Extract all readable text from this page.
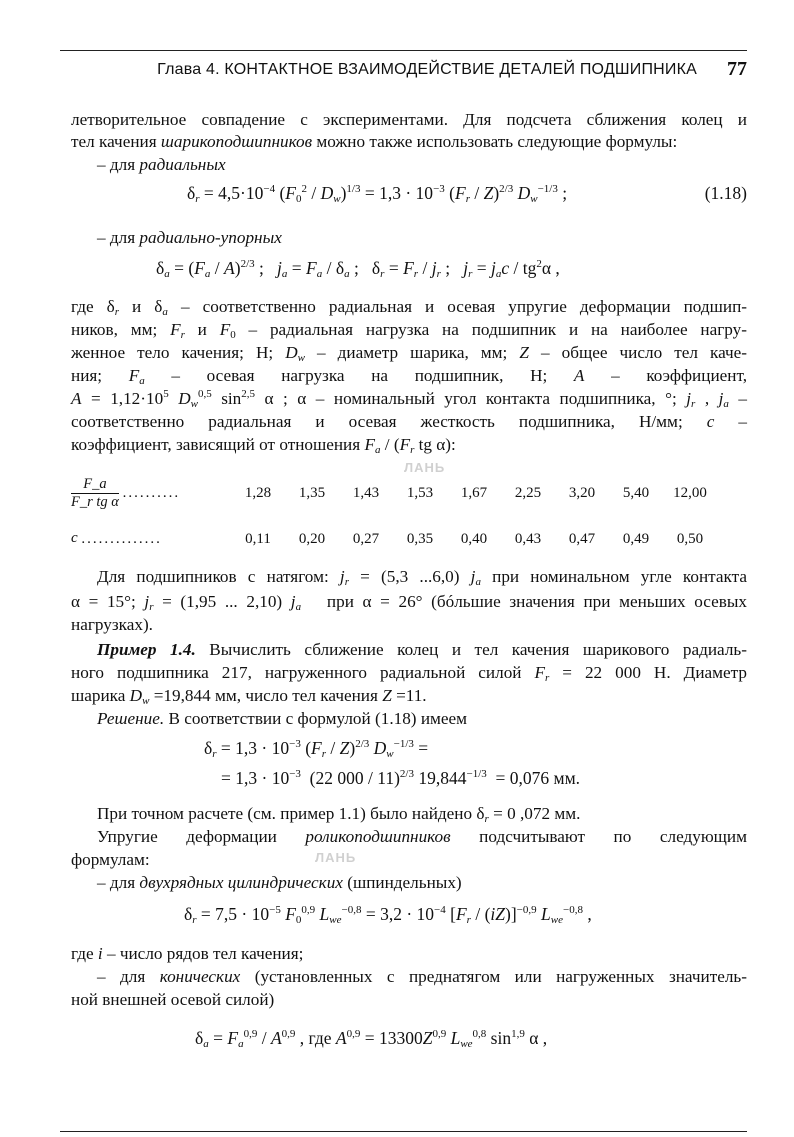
Глава 4. КОНТАКТНОЕ ВЗАИМОДЕЙСТВИЕ ДЕТАЛЕЙ ПОДШИПНИКА 77
летворительное совпадение с экспериментами. Для подсчета сближения колец и
тел качения шарикоподшипников можно также использовать следующие формулы:
– для радиальных
$\delta_r = 4,5\cdot 10^{-4}$ $(F_0^2 / D_w)^{1/3} = 1,3 \cdot 10^{-3}$ $(F_r / Z)^{2/3}$ $D_w^{-1/3}$ ;	(1.18)
– для радиально-упорных
$\delta_a = (F_a / A)^{2/3}$ ;   $j_a = F_a / \delta_a$ ;   $\delta_r = F_r / j_r$ ;   $j_r = j_ac / tg^2\alpha$ ,
где $\delta_r$ и $\delta_a$ – соответственно радиальная и осевая упругие деформации подшип-
ников, мм; $F_r$ и $F_0$ – радиальная нагрузка на подшипник и на наиболее нагру-
женное тело качения; Н; $D_w$ – диаметр шарика, мм; Z – общее число тел каче-
ния;   $F_a$   –   осевая   нагрузка   на   подшипник,   Н;   A   –   коэффициент,
$A = 1,12\cdot 10^5$ $D_w^{0,5}$ $\sin^{2,5} \alpha$ ; α – номинальный угол контакта подшипника, °; $j_r$ , $j_a$ –
соответственно   радиальная   и   осевая   жесткость   подшипника,   Н/мм;   c   –
коэффициент, зависящий от отношения $F_a / (F_r$ tg α):
$\frac{F\_a}{\text{F\_r tg α}}$ ..........	1,28	1,35	1,43	1,53	1,67	2,25	3,20	5,40	12,00
c ..............	0,11	0,20	0,27	0,35	0,40	0,43	0,47	0,49	0,50
Для подшипников с натягом: $j_r = (5,3$ ...6,0) $j_a$ при номинальном угле контакта
α = 15°; $j_r = (1,95$ ... 2,10) $j_a$   при α = 26° (бóльшие значения при меньших осевых
нагрузках).
Пример 1.4. Вычислить сближение колец и тел качения шарикового радиаль-
ного подшипника 217, нагруженного радиальной силой $F_r = 22$ 000 Н. Диаметр
шарика $D_w =19,844$ мм, число тел качения Z =11.
Решение. В соответствии с формулой (1.18) имеем
$\delta_r = 1,3 \cdot 10^{-3}$ $(F_r / Z)^{2/3}$ $D_w^{-1/3}$ =
= $1,3 \cdot 10^{-3}$  (22 000 / 11)$^{2/3}$ $19,844^{-1/3} = 0,076$ мм.
При точном расчете (см. пример 1.1) было найдено $\delta_r = 0$ ,072 мм.
Упругие   деформации   роликоподшипников   подсчитывают   по   следующим
формулам:
– для двухрядных цилиндрических (шпиндельных)
$\delta_r = 7,5 \cdot 10^{-5}$ $F_0^{0,9}$ $L_{we}^{-0,8} = 3,2 \cdot 10^{-4}$ $[F_r / (iZ)]^{-0,9}$ $L_{we}^{-0,8}$ ,
где i – число рядов тел качения;
– для конических (установленных с преднатягом или нагруженных значитель-
ной внешней осевой силой)
$\delta_a = F_a^{0,9} / A^{0,9}$ , где $A^{0,9} = 13300Z^{0,9}$ $L_{we}^{0,8}$ $\sin^{1,9} \alpha$ ,
ЛАНЬ
ЛАНЬ
